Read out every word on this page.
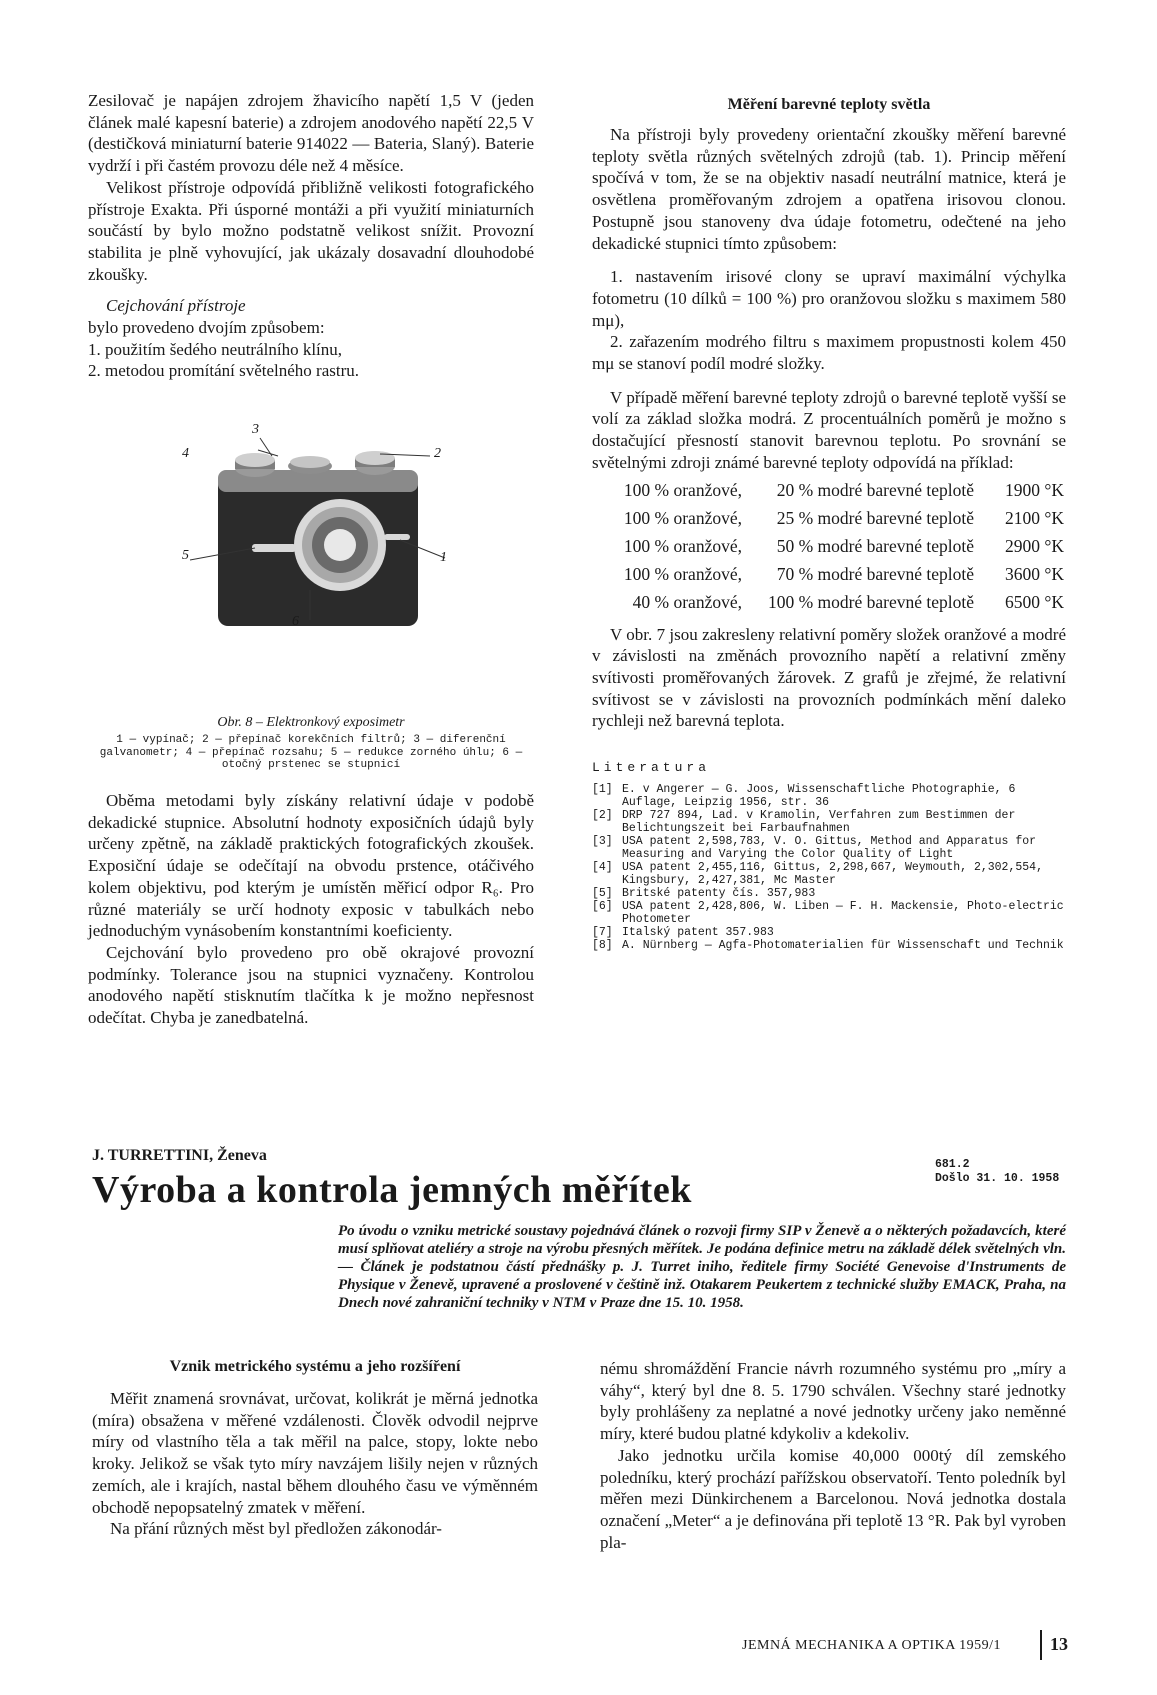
Zesilovač je napájen zdrojem žhavicího napětí 1,5 V (jeden článek malé kapesní baterie) a zdrojem anodového napětí 22,5 V (destičková miniaturní baterie 914022 — Bateria, Slaný). Baterie vydrží i při častém provozu déle než 4 měsíce.

Velikost přístroje odpovídá přibližně velikosti fotografického přístroje Exakta. Při úsporné montáži a při využití miniaturních součástí by bylo možno podstatně velikost snížit. Provozní stabilita je plně vyhovující, jak ukázaly dosavadní dlouhodobé zkoušky.

Cejchování přístroje

bylo provedeno dvojím způsobem:

1. použitím šedého neutrálního klínu,

2. metodou promítání světelného rastru.

3
4	2
5	1
6

Obr. 8 – Elektronkový exposimetr

1 — vypínač; 2 — přepínač korekčních filtrů; 3 — diferenční galvanometr; 4 — přepínač rozsahu; 5 — redukce zorného úhlu; 6 — otočný prstenec se stupnicí

Oběma metodami byly získány relativní údaje v podobě dekadické stupnice. Absolutní hodnoty exposičních údajů byly určeny zpětně, na základě praktických fotografických zkoušek. Exposiční údaje se odečítají na obvodu prstence, otáčivého kolem objektivu, pod kterým je umístěn měřicí odpor R₆. Pro různé materiály se určí hodnoty exposic v tabulkách nebo jednoduchým vynásobením konstantními koeficienty.

Cejchování bylo provedeno pro obě okrajové provozní podmínky. Tolerance jsou na stupnici vyznačeny. Kontrolou anodového napětí stisknutím tlačítka k je možno nepřesnost odečítat. Chyba je zanedbatelná.

Měření barevné teploty světla

Na přístroji byly provedeny orientační zkoušky měření barevné teploty světla různých světelných zdrojů (tab. 1). Princip měření spočívá v tom, že se na objektiv nasadí neutrální matnice, která je osvětlena proměřovaným zdrojem a opatřena irisovou clonou. Postupně jsou stanoveny dva údaje fotometru, odečtené na jeho dekadické stupnici tímto způsobem:

1. nastavením irisové clony se upraví maximální výchylka fotometru (10 dílků = 100 %) pro oranžovou složku s maximem 580 mμ),

2. zařazením modrého filtru s maximem propustnosti kolem 450 mμ se stanoví podíl modré složky.

V případě měření barevné teploty zdrojů o barevné teplotě vyšší se volí za základ složka modrá. Z procentuálních poměrů je možno s dostačující přesností stanovit barevnou teplotu. Po srovnání se světelnými zdroji známé barevné teploty odpovídá na příklad:

100 % oranžové,	20 % modré barevné teplotě	1900 °K
100 % oranžové,	25 % modré barevné teplotě	2100 °K
100 % oranžové,	50 % modré barevné teplotě	2900 °K
100 % oranžové,	70 % modré barevné teplotě	3600 °K
40 % oranžové,	100 % modré barevné teplotě	6500 °K

V obr. 7 jsou zakresleny relativní poměry složek oranžové a modré v závislosti na změnách provozního napětí a relativní změny svítivosti proměřovaných žárovek. Z grafů je zřejmé, že relativní svítivost se v závislosti na provozních podmínkách mění daleko rychleji než barevná teplota.

Literatura

[1] E. v Angerer — G. Joos, Wissenschaftliche Photographie, 6 Auflage, Leipzig 1956, str. 36
[2] DRP 727 894, Lad. v Kramolin, Verfahren zum Bestimmen der Belichtungszeit bei Farbaufnahmen
[3] USA patent 2,598,783, V. O. Gittus, Method and Apparatus for Measuring and Varying the Color Quality of Light
[4] USA patent 2,455,116, Gittus, 2,298,667, Weymouth, 2,302,554, Kingsbury, 2,427,381, Mc Master
[5] Britské patenty čís. 357,983
[6] USA patent 2,428,806, W. Liben — F. H. Mackensie, Photo-electric Photometer
[7] Italský patent 357.983
[8] A. Nürnberg — Agfa-Photomaterialien für Wissenschaft und Technik
J. TURRETTINI, Ženeva
Výroba a kontrola jemných měřítek
681.2
Došlo 31. 10. 1958

Po úvodu o vzniku metrické soustavy pojednává článek o rozvoji firmy SIP v Ženevě a o některých požadavcích, které musí splňovat ateliéry a stroje na výrobu přesných měřítek. Je podána definice metru na základě délek světelných vln.— Článek je podstatnou částí přednášky p. J. Turret iniho, ředitele firmy Société Genevoise d'Instruments de Physique v Ženevě, upravené a proslovené v češtině inž. Otakarem Peukertem z technické služby EMACK, Praha, na Dnech nové zahraniční techniky v NTM v Praze dne 15. 10. 1958.

Vznik metrického systému a jeho rozšíření

Měřit znamená srovnávat, určovat, kolikrát je měrná jednotka (míra) obsažena v měřené vzdálenosti. Člověk odvodil nejprve míry od vlastního těla a tak měřil na palce, stopy, lokte nebo kroky. Jelikož se však tyto míry navzájem lišily nejen v různých zemích, ale i krajích, nastal během dlouhého času ve výměnném obchodě nepopsatelný zmatek v měření.

Na přání různých měst byl předložen zákonodár-

nému shromáždění Francie návrh rozumného systému pro „míry a váhy“, který byl dne 8. 5. 1790 schválen. Všechny staré jednotky byly prohlášeny za neplatné a nové jednotky určeny jako neměnné míry, které budou platné kdykoliv a kdekoliv.

Jako jednotku určila komise 40,000 000tý díl zemského poledníku, který prochází pařížskou observatoří. Tento poledník byl měřen mezi Dünkirchenem a Barcelonou. Nová jednotka dostala označení „Meter“ a je definována při teplotě 13 °R. Pak byl vyroben pla-

JEMNÁ MECHANIKA A OPTIKA 1959/1	13
